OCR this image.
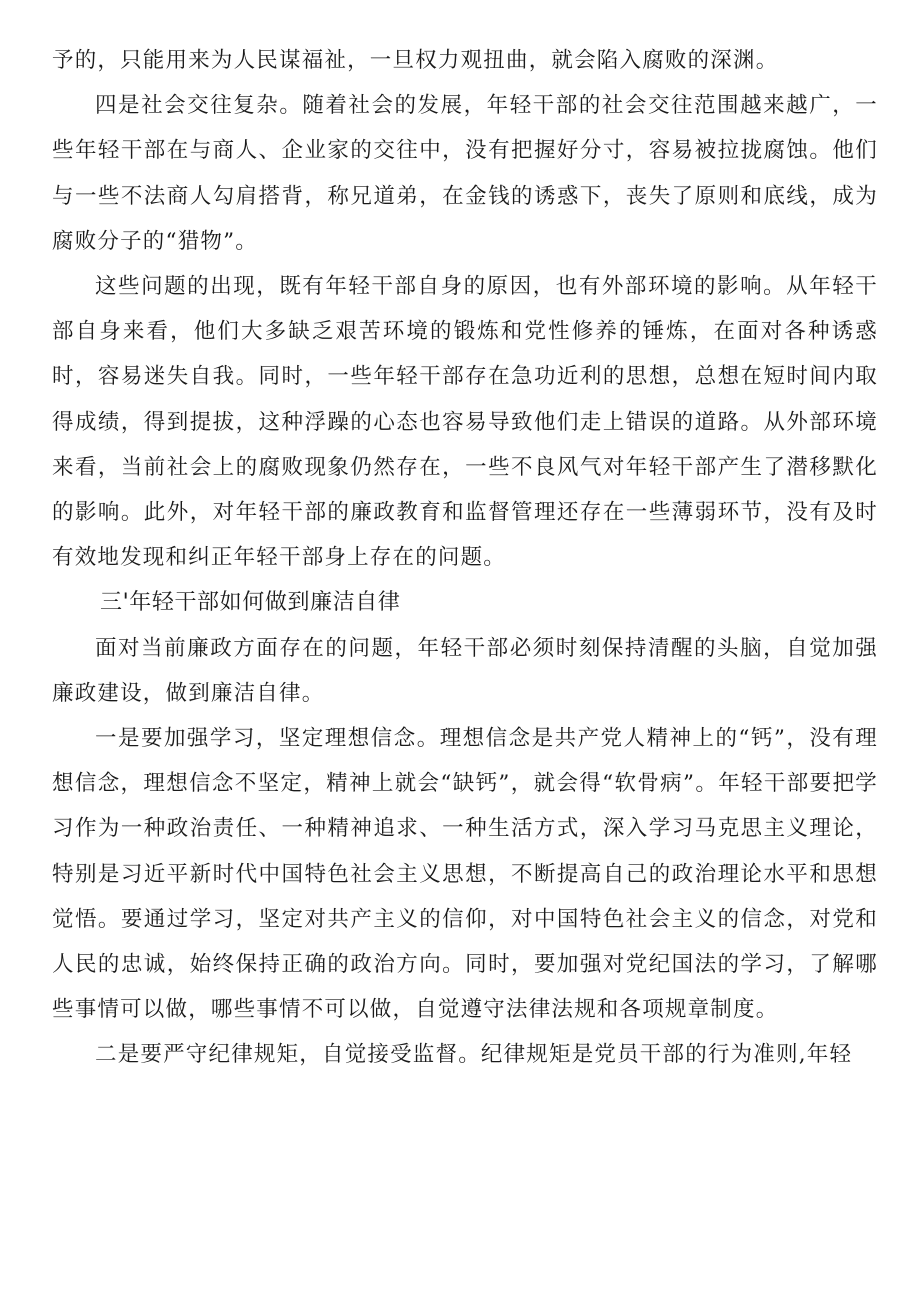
予的，只能用来为人民谋福祉，一旦权力观扭曲，就会陷入腐败的深渊。

四是社会交往复杂。随着社会的发展，年轻干部的社会交往范围越来越广，一些年轻干部在与商人、企业家的交往中，没有把握好分寸，容易被拉拢腐蚀。他们与一些不法商人勾肩搭背，称兄道弟，在金钱的诱惑下，丧失了原则和底线，成为腐败分子的“猎物”。

这些问题的出现，既有年轻干部自身的原因，也有外部环境的影响。从年轻干部自身来看，他们大多缺乏艰苦环境的锻炼和党性修养的锤炼，在面对各种诱惑时，容易迷失自我。同时，一些年轻干部存在急功近利的思想，总想在短时间内取得成绩，得到提拔，这种浮躁的心态也容易导致他们走上错误的道路。从外部环境来看，当前社会上的腐败现象仍然存在，一些不良风气对年轻干部产生了潜移默化的影响。此外，对年轻干部的廉政教育和监督管理还存在一些薄弱环节，没有及时有效地发现和纠正年轻干部身上存在的问题。

三'年轻干部如何做到廉洁自律

面对当前廉政方面存在的问题，年轻干部必须时刻保持清醒的头脑，自觉加强廉政建设，做到廉洁自律。

一是要加强学习，坚定理想信念。理想信念是共产党人精神上的“钙”，没有理想信念，理想信念不坚定，精神上就会“缺钙”，就会得“软骨病”。年轻干部要把学习作为一种政治责任、一种精神追求、一种生活方式，深入学习马克思主义理论，特别是习近平新时代中国特色社会主义思想，不断提高自己的政治理论水平和思想觉悟。要通过学习，坚定对共产主义的信仰，对中国特色社会主义的信念，对党和人民的忠诚，始终保持正确的政治方向。同时，要加强对党纪国法的学习，了解哪些事情可以做，哪些事情不可以做，自觉遵守法律法规和各项规章制度。

二是要严守纪律规矩，自觉接受监督。纪律规矩是党员干部的行为准则,年轻
